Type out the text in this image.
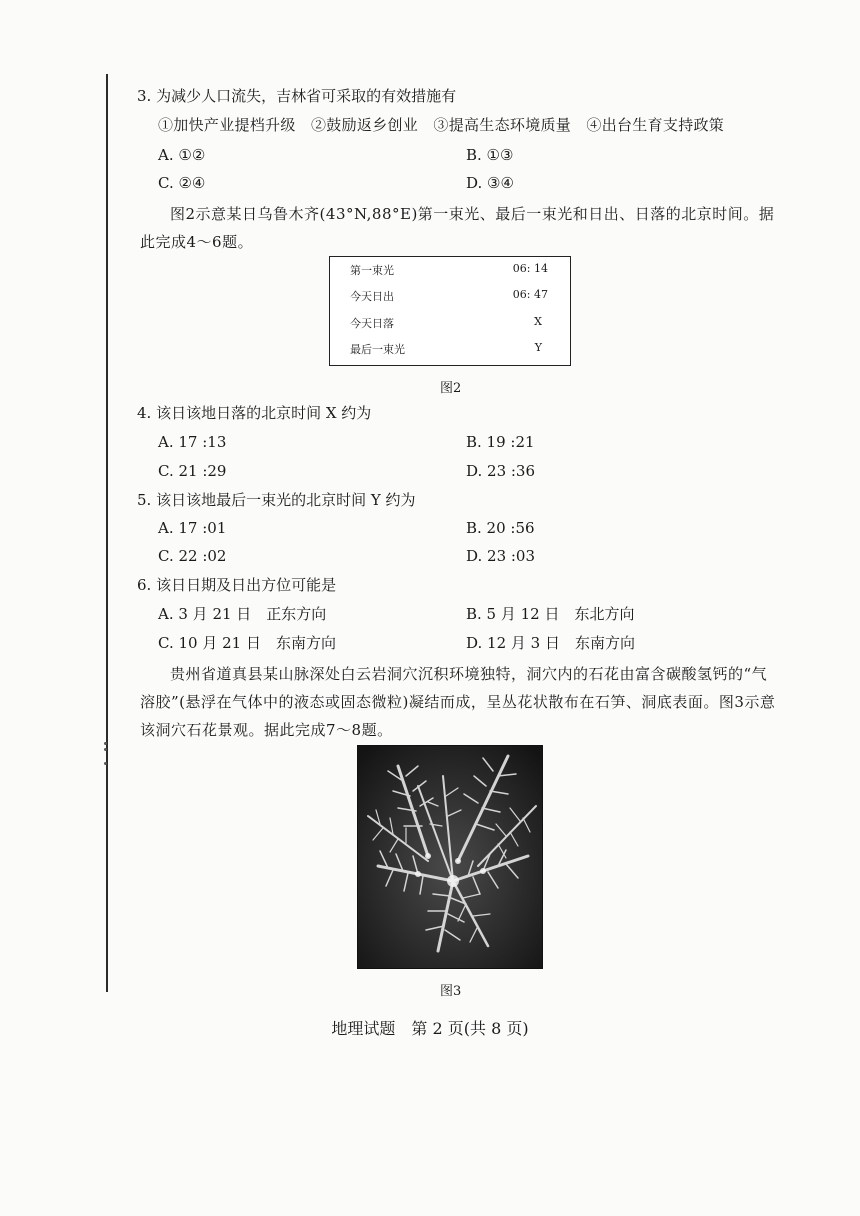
3. 为减少人口流失，吉林省可采取的有效措施有
①加快产业提档升级　②鼓励返乡创业　③提高生态环境质量　④出台生育支持政策
A. ①②	B. ①③
C. ②④	D. ③④
图2示意某日乌鲁木齐(43°N,88°E)第一束光、最后一束光和日出、日落的北京时间。据此完成4～6题。
第一束光	06: 14
今天日出	06: 47
今天日落	X
最后一束光	Y
图2
4. 该日该地日落的北京时间 X 约为
A. 17 :13	B. 19 :21
C. 21 :29	D. 23 :36
5. 该日该地最后一束光的北京时间 Y 约为
A. 17 :01	B. 20 :56
C. 22 :02	D. 23 :03
6. 该日日期及日出方位可能是
A. 3 月 21 日　正东方向	B. 5 月 12 日　东北方向
C. 10 月 21 日　东南方向	D. 12 月 3 日　东南方向
贵州省道真县某山脉深处白云岩洞穴沉积环境独特，洞穴内的石花由富含碳酸氢钙的“气溶胶”(悬浮在气体中的液态或固态微粒)凝结而成，呈丛花状散布在石笋、洞底表面。图3示意该洞穴石花景观。据此完成7～8题。
图3
地理试题　第 2 页(共 8 页)
